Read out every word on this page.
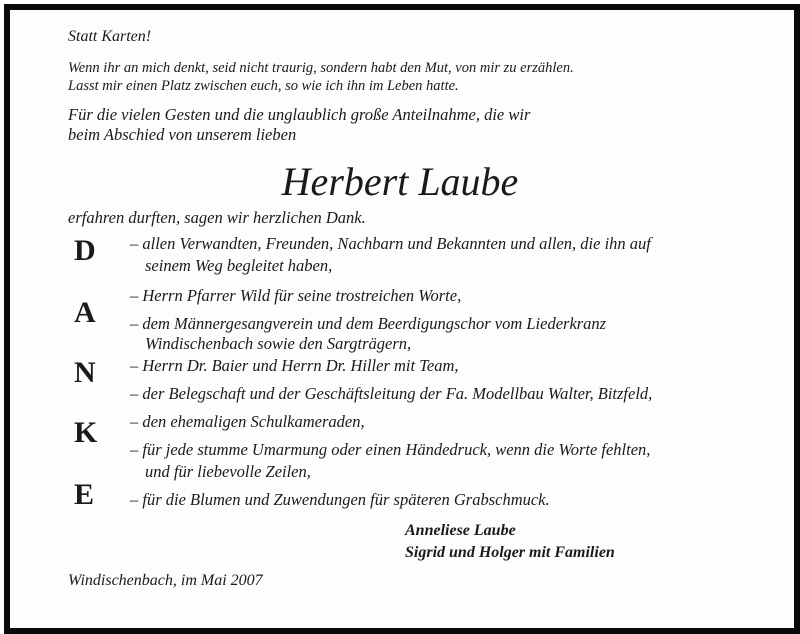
Statt Karten!
Wenn ihr an mich denkt, seid nicht traurig, sondern habt den Mut, von mir zu erzählen.
Lasst mir einen Platz zwischen euch, so wie ich ihn im Leben hatte.
Für die vielen Gesten und die unglaublich große Anteilnahme, die wir
beim Abschied von unserem lieben
Herbert Laube
erfahren durften, sagen wir herzlichen Dank.
D
A
N
K
E
– allen Verwandten, Freunden, Nachbarn und Bekannten und allen, die ihn auf
seinem Weg begleitet haben,
– Herrn Pfarrer Wild für seine trostreichen Worte,
– dem Männergesangverein und dem Beerdigungschor vom Liederkranz
Windischenbach sowie den Sargträgern,
– Herrn Dr. Baier und Herrn Dr. Hiller mit Team,
– der Belegschaft und der Geschäftsleitung der Fa. Modellbau Walter, Bitzfeld,
– den ehemaligen Schulkameraden,
– für jede stumme Umarmung oder einen Händedruck, wenn die Worte fehlten,
und für liebevolle Zeilen,
– für die Blumen und Zuwendungen für späteren Grabschmuck.
Anneliese Laube
Sigrid und Holger mit Familien
Windischenbach, im Mai 2007
